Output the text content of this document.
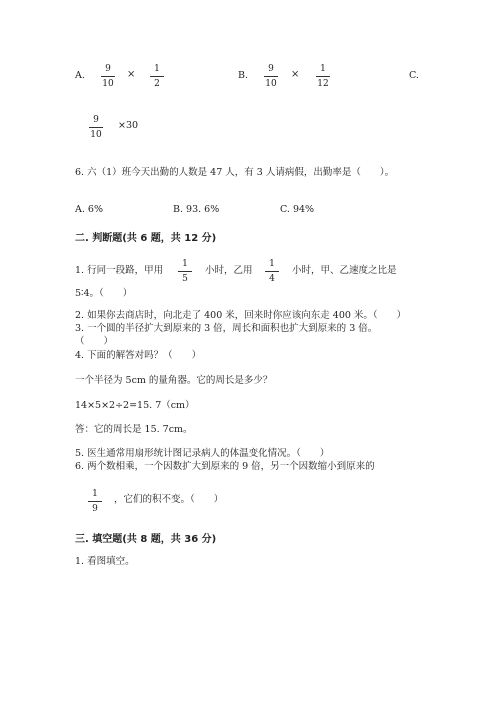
A.
9
10
× 1
2
B.
9
10
× 1
12
C.
9
10
×30
6. 六（1）班今天出勤的人数是 47 人，有 3 人请病假，出勤率是（　　）。
A. 6%	B. 93. 6%	C. 94%
二. 判断题(共 6 题，共 12 分)
1. 行同一段路，甲用
1
5
小时，乙用
1
4
小时，甲、乙速度之比是
5∶4。（　　）
2. 如果你去商店时，向北走了 400 米，回来时你应该向东走 400 米。（　　）
3. 一个圆的半径扩大到原来的 3 倍，周长和面积也扩大到原来的 3 倍。
（　　）
4. 下面的解答对吗？（　　）
一个半径为 5cm 的量角器。它的周长是多少？
14×5×2÷2=15. 7（cm）
答：它的周长是 15. 7cm。
5. 医生通常用扇形统计图记录病人的体温变化情况。（　　）
6. 两个数相乘，一个因数扩大到原来的 9 倍，另一个因数缩小到原来的
1
9
，它们的积不变。（　　）
三. 填空题(共 8 题，共 36 分)
1. 看图填空。
